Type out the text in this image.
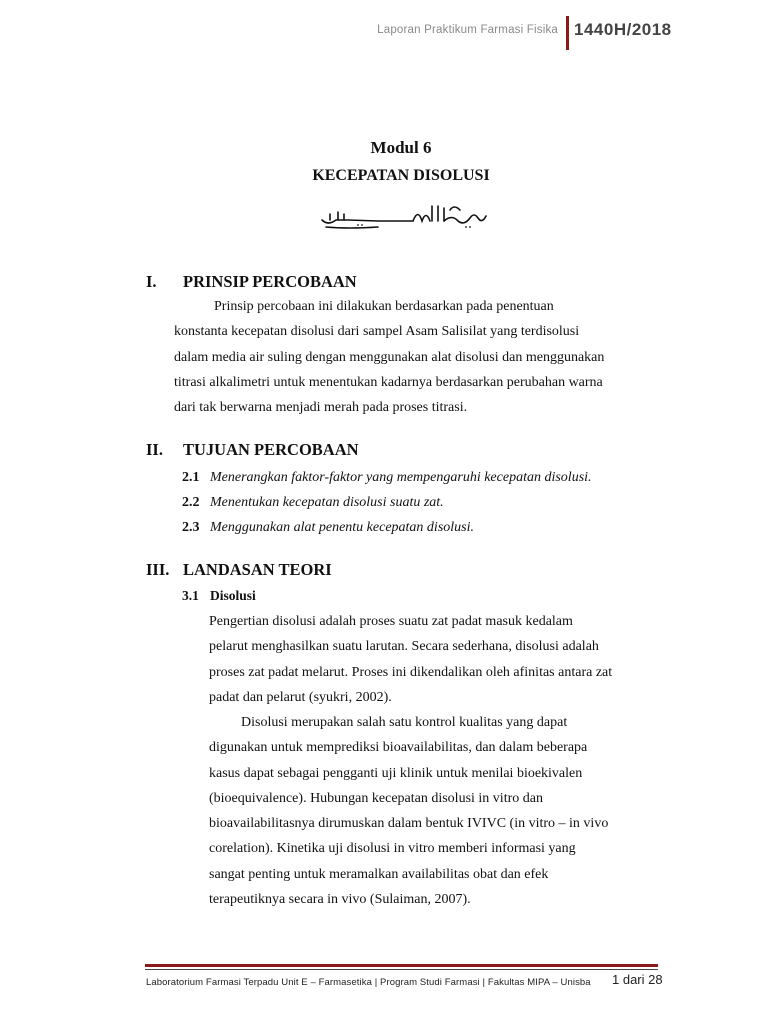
Laporan Praktikum Farmasi Fisika 1440H/2018
Modul 6
KECEPATAN DISOLUSI
I. PRINSIP PERCOBAAN
Prinsip percobaan ini dilakukan berdasarkan pada penentuan
konstanta kecepatan disolusi dari sampel Asam Salisilat yang terdisolusi
dalam media air suling dengan menggunakan alat disolusi dan menggunakan
titrasi alkalimetri untuk menentukan kadarnya berdasarkan perubahan warna
dari tak berwarna menjadi merah pada proses titrasi.
II. TUJUAN PERCOBAAN
2.1 Menerangkan faktor-faktor yang mempengaruhi kecepatan disolusi.
2.2 Menentukan kecepatan disolusi suatu zat.
2.3 Menggunakan alat penentu kecepatan disolusi.
III. LANDASAN TEORI
3.1 Disolusi
Pengertian disolusi adalah proses suatu zat padat masuk kedalam
pelarut menghasilkan suatu larutan. Secara sederhana, disolusi adalah
proses zat padat melarut. Proses ini dikendalikan oleh afinitas antara zat
padat dan pelarut (syukri, 2002).
Disolusi merupakan salah satu kontrol kualitas yang dapat
digunakan untuk memprediksi bioavailabilitas, dan dalam beberapa
kasus dapat sebagai pengganti uji klinik untuk menilai bioekivalen
(bioequivalence). Hubungan kecepatan disolusi in vitro dan
bioavailabilitasnya dirumuskan dalam bentuk IVIVC (in vitro – in vivo
corelation). Kinetika uji disolusi in vitro memberi informasi yang
sangat penting untuk meramalkan availabilitas obat dan efek
terapeutiknya secara in vivo (Sulaiman, 2007).
Laboratorium Farmasi Terpadu Unit E – Farmasetika | Program Studi Farmasi | Fakultas MIPA – Unisba 1 dari 28
